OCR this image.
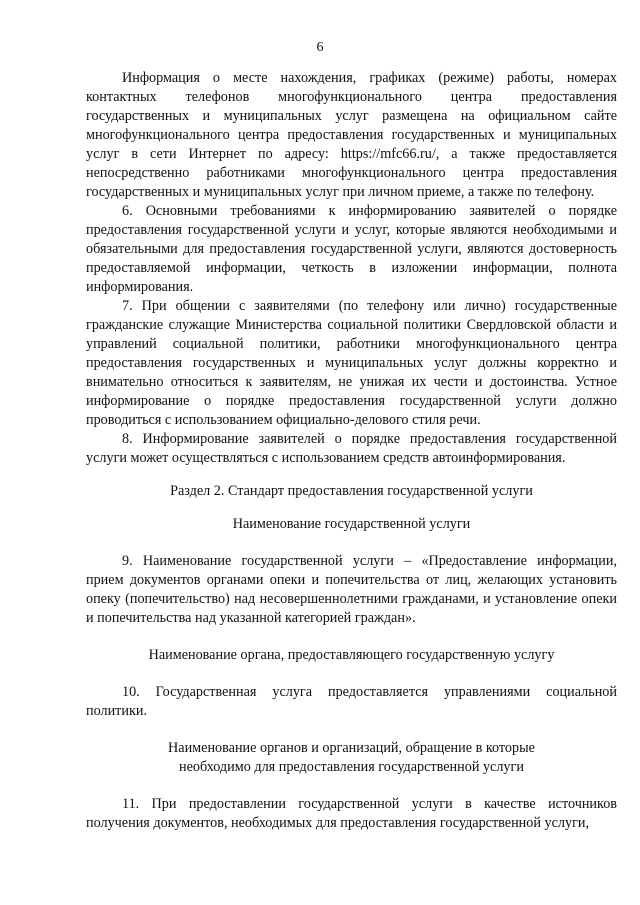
6

Информация о месте нахождения, графиках (режиме) работы, номерах контактных телефонов многофункционального центра предоставления государственных и муниципальных услуг размещена на официальном сайте многофункционального центра предоставления государственных и муниципальных услуг в сети Интернет по адресу: https://mfc66.ru/, а также предоставляется непосредственно работниками многофункционального центра предоставления государственных и муниципальных услуг при личном приеме, а также по телефону.

6. Основными требованиями к информированию заявителей о порядке предоставления государственной услуги и услуг, которые являются необходимыми и обязательными для предоставления государственной услуги, являются достоверность предоставляемой информации, четкость в изложении информации, полнота информирования.

7. При общении с заявителями (по телефону или лично) государственные гражданские служащие Министерства социальной политики Свердловской области и управлений социальной политики, работники многофункционального центра предоставления государственных и муниципальных услуг должны корректно и внимательно относиться к заявителям, не унижая их чести и достоинства. Устное информирование о порядке предоставления государственной услуги должно проводиться с использованием официально-делового стиля речи.

8. Информирование заявителей о порядке предоставления государственной услуги может осуществляться с использованием средств автоинформирования.

Раздел 2. Стандарт предоставления государственной услуги

Наименование государственной услуги

9. Наименование государственной услуги – «Предоставление информации, прием документов органами опеки и попечительства от лиц, желающих установить опеку (попечительство) над несовершеннолетними гражданами, и установление опеки и попечительства над указанной категорией граждан».

Наименование органа, предоставляющего государственную услугу

10. Государственная услуга предоставляется управлениями социальной политики.

Наименование органов и организаций, обращение в которые

необходимо для предоставления государственной услуги

11. При предоставлении государственной услуги в качестве источников получения документов, необходимых для предоставления государственной услуги,
